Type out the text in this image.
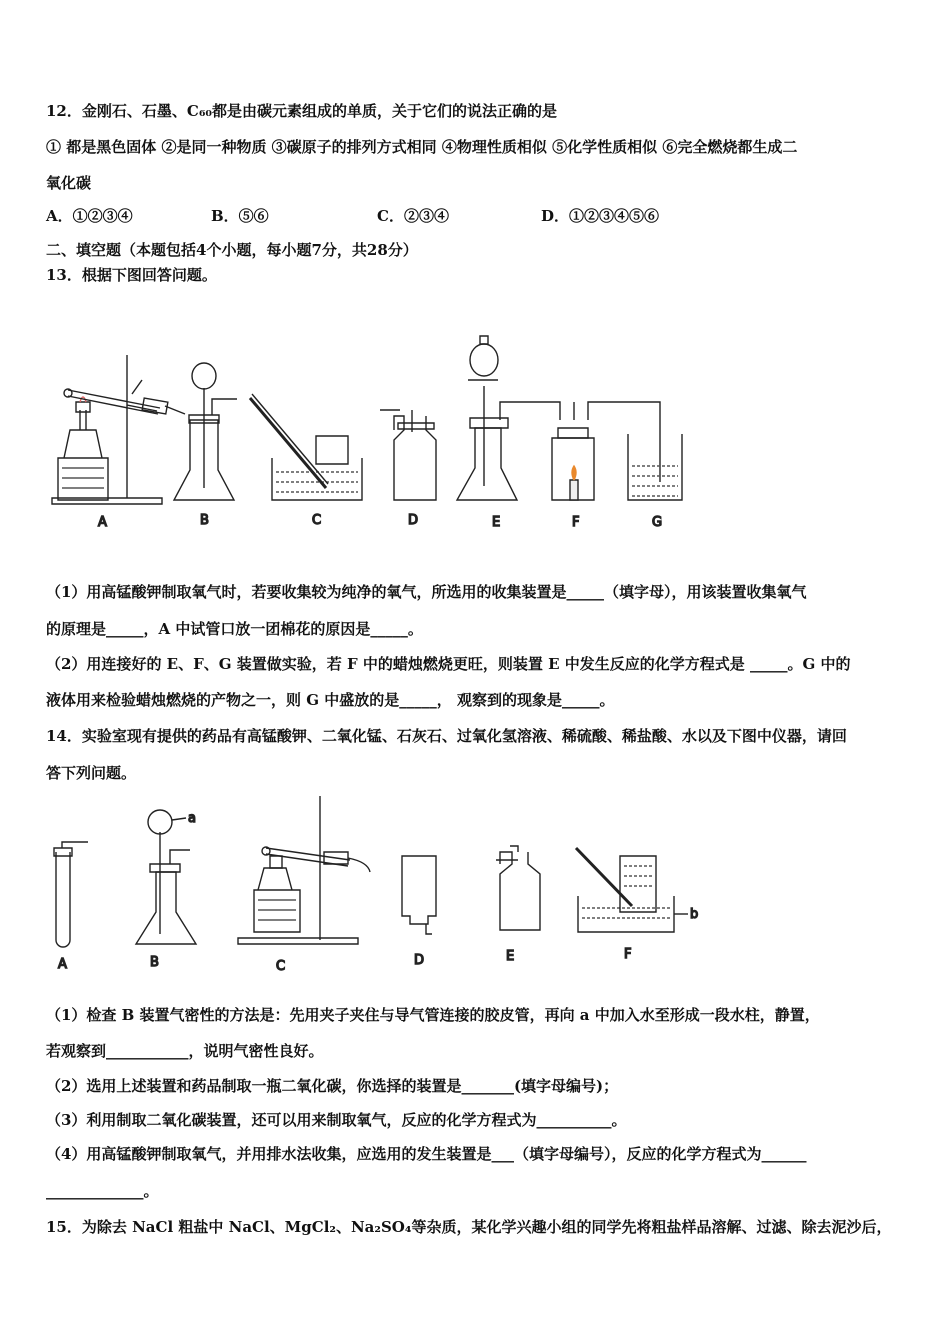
12．金刚石、石墨、C₆₀都是由碳元素组成的单质，关于它们的说法正确的是
① 都是黑色固体 ②是同一种物质 ③碳原子的排列方式相同 ④物理性质相似 ⑤化学性质相似 ⑥完全燃烧都生成二
氧化碳
A．①②③④	B．⑤⑥	C．②③④	D．①②③④⑤⑥
二、填空题（本题包括4个小题，每小题7分，共28分）
13．根据下图回答问题。
A	B	C	D	E	F	G
（1）用高锰酸钾制取氧气时，若要收集较为纯净的氧气，所选用的收集装置是_____（填字母），用该装置收集氧气
的原理是_____，A 中试管口放一团棉花的原因是_____。
（2）用连接好的 E、F、G 装置做实验，若 F 中的蜡烛燃烧更旺，则装置 E 中发生反应的化学方程式是 _____。G 中的
液体用来检验蜡烛燃烧的产物之一，则 G 中盛放的是_____， 观察到的现象是_____。
14．实验室现有提供的药品有高锰酸钾、二氧化锰、石灰石、过氧化氢溶液、稀硫酸、稀盐酸、水以及下图中仪器，请回
答下列问题。
A
a
B	C	D	E
b
F
（1）检查 B 装置气密性的方法是：先用夹子夹住与导气管连接的胶皮管，再向 a 中加入水至形成一段水柱，静置，
若观察到___________，说明气密性良好。
（2）选用上述装置和药品制取一瓶二氧化碳，你选择的装置是_______(填字母编号)；
（3）利用制取二氧化碳装置，还可以用来制取氧气，反应的化学方程式为__________。
（4）用高锰酸钾制取氧气，并用排水法收集，应选用的发生装置是___（填字母编号），反应的化学方程式为______
_____________。
15．为除去 NaCl 粗盐中 NaCl、MgCl₂、Na₂SO₄等杂质，某化学兴趣小组的同学先将粗盐样品溶解、过滤、除去泥沙后，
